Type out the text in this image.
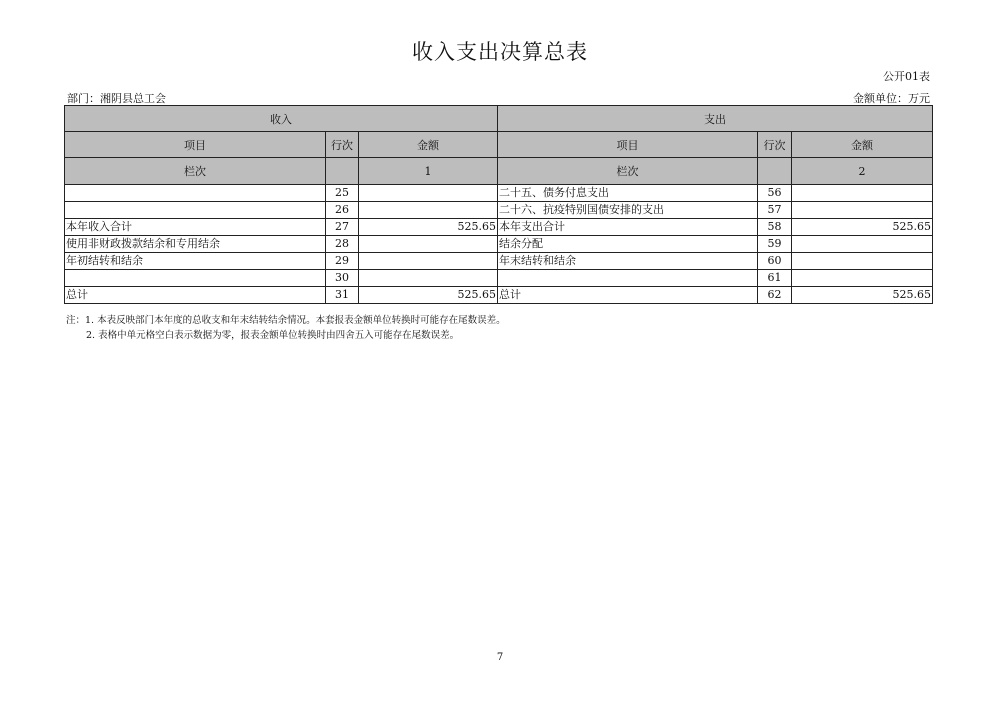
收入支出决算总表
公开01表
部门：湘阴县总工会	金额单位：万元
收入			支出		
项目	行次	金额	项目	行次	金额
栏次		1	栏次		2
	25		二十五、债务付息支出	56	
	26		二十六、抗疫特别国债安排的支出	57	
本年收入合计	27	525.65	本年支出合计	58	525.65
使用非财政拨款结余和专用结余	28		结余分配	59	
年初结转和结余	29		年末结转和结余	60	
	30			61	
总计	31	525.65	总计	62	525.65
注：1. 本表反映部门本年度的总收支和年末结转结余情况。本套报表金额单位转换时可能存在尾数误差。
2. 表格中单元格空白表示数据为零，报表金额单位转换时由四舍五入可能存在尾数误差。
7
